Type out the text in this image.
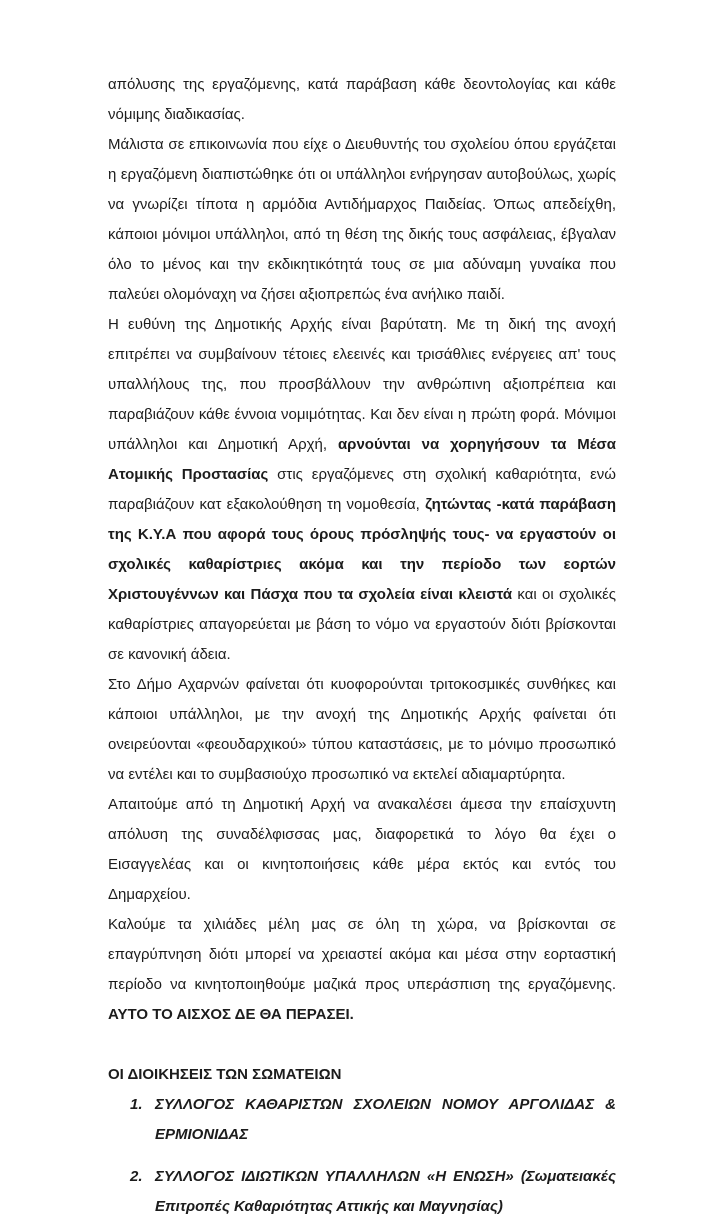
απόλυσης της εργαζόμενης, κατά παράβαση κάθε δεοντολογίας και κάθε νόμιμης διαδικασίας.

Μάλιστα σε επικοινωνία που είχε ο Διευθυντής του σχολείου όπου εργάζεται η εργαζόμενη διαπιστώθηκε ότι οι υπάλληλοι ενήργησαν αυτοβούλως, χωρίς να γνωρίζει τίποτα η αρμόδια Αντιδήμαρχος Παιδείας. Όπως απεδείχθη, κάποιοι μόνιμοι υπάλληλοι, από τη θέση της δικής τους ασφάλειας, έβγαλαν όλο το μένος και την εκδικητικότητά τους σε μια αδύναμη γυναίκα που παλεύει ολομόναχη να ζήσει αξιοπρεπώς ένα ανήλικο παιδί.

Η ευθύνη της Δημοτικής Αρχής είναι βαρύτατη. Με τη δική της ανοχή επιτρέπει να συμβαίνουν τέτοιες ελεεινές και τρισάθλιες ενέργειες απ' τους υπαλλήλους της, που προσβάλλουν την ανθρώπινη αξιοπρέπεια και παραβιάζουν κάθε έννοια νομιμότητας. Και δεν είναι η πρώτη φορά. Μόνιμοι υπάλληλοι και Δημοτική Αρχή, αρνούνται να χορηγήσουν τα Μέσα Ατομικής Προστασίας στις εργαζόμενες στη σχολική καθαριότητα, ενώ παραβιάζουν κατ εξακολούθηση τη νομοθεσία, ζητώντας -κατά παράβαση της Κ.Υ.Α που αφορά τους όρους πρόσληψής τους- να εργαστούν οι σχολικές καθαρίστριες ακόμα και την περίοδο των εορτών Χριστουγέννων και Πάσχα που τα σχολεία είναι κλειστά και οι σχολικές καθαρίστριες απαγορεύεται με βάση το νόμο να εργαστούν διότι βρίσκονται σε κανονική άδεια.

Στο Δήμο Αχαρνών φαίνεται ότι κυοφορούνται τριτοκοσμικές συνθήκες και κάποιοι υπάλληλοι, με την ανοχή της Δημοτικής Αρχής φαίνεται ότι ονειρεύονται «φεουδαρχικού» τύπου καταστάσεις, με το μόνιμο προσωπικό να εντέλει και το συμβασιούχο προσωπικό να εκτελεί αδιαμαρτύρητα.

Απαιτούμε από τη Δημοτική Αρχή να ανακαλέσει άμεσα την επαίσχυντη απόλυση της συναδέλφισσας μας, διαφορετικά το λόγο θα έχει ο Εισαγγελέας και οι κινητοποιήσεις κάθε μέρα εκτός και εντός του Δημαρχείου.

Καλούμε τα χιλιάδες μέλη μας σε όλη τη χώρα, να βρίσκονται σε επαγρύπνηση διότι μπορεί να χρειαστεί ακόμα και μέσα στην εορταστική περίοδο να κινητοποιηθούμε μαζικά προς υπεράσπιση της εργαζόμενης. ΑΥΤΟ ΤΟ ΑΙΣΧΟΣ ΔΕ ΘΑ ΠΕΡΑΣΕΙ.

ΟΙ ΔΙΟΙΚΗΣΕΙΣ ΤΩΝ ΣΩΜΑΤΕΙΩΝ
1. ΣΥΛΛΟΓΟΣ ΚΑΘΑΡΙΣΤΩΝ ΣΧΟΛΕΙΩΝ ΝΟΜΟΥ ΑΡΓΟΛΙΔΑΣ & ΕΡΜΙΟΝΙΔΑΣ
2. ΣΥΛΛΟΓΟΣ ΙΔΙΩΤΙΚΩΝ ΥΠΑΛΛΗΛΩΝ «Η ΕΝΩΣΗ» (Σωματειακές Επιτροπές Καθαριότητας Αττικής και Μαγνησίας)
